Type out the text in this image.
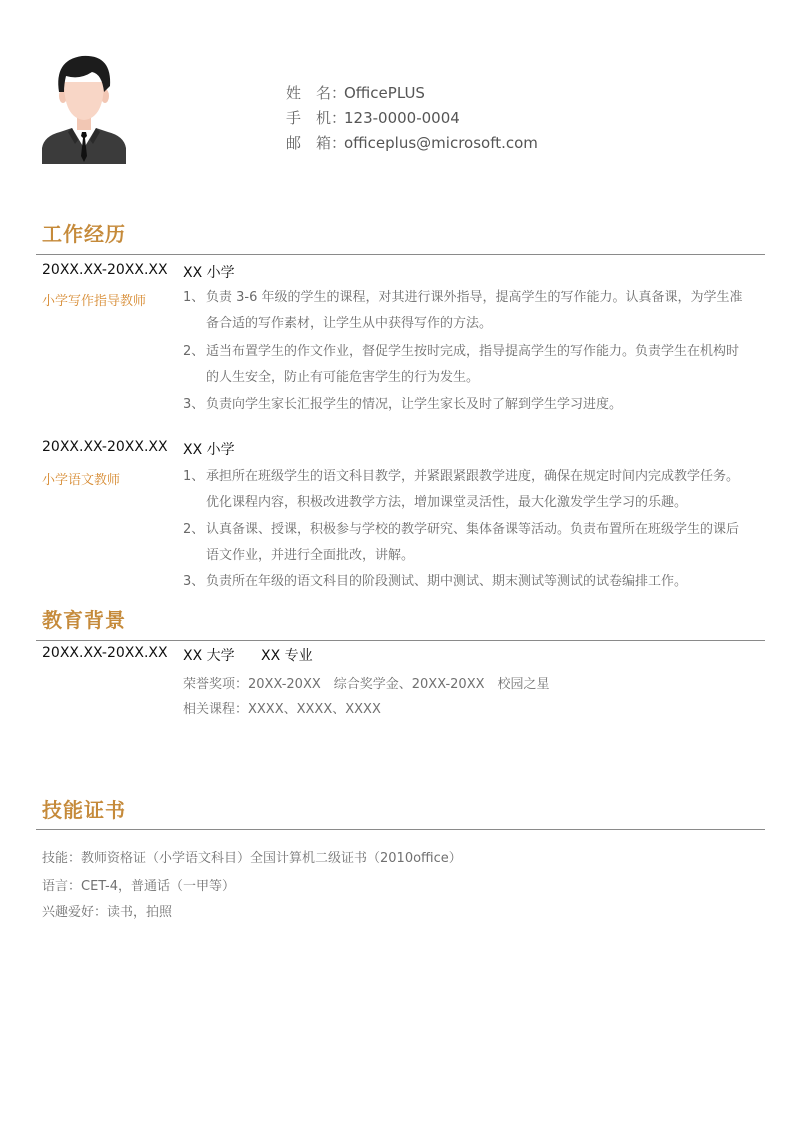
姓　名：OfficePLUS
手　机：123-0000-0004
邮　箱：officeplus@microsoft.com
工作经历
20XX.XX-20XX.XX XX 小学
小学写作指导教师	1、 负责 3-6 年级的学生的课程，对其进行课外指导，提高学生的写作能力。认真备课，为学生准
备合适的写作素材，让学生从中获得写作的方法。
2、 适当布置学生的作文作业，督促学生按时完成，指导提高学生的写作能力。负责学生在机构时
的人生安全，防止有可能危害学生的行为发生。
3、 负责向学生家长汇报学生的情况，让学生家长及时了解到学生学习进度。
20XX.XX-20XX.XX XX 小学
小学语文教师	1、 承担所在班级学生的语文科目教学，并紧跟紧跟教学进度，确保在规定时间内完成教学任务。
优化课程内容，积极改进教学方法，增加课堂灵活性，最大化激发学生学习的乐趣。
2、 认真备课、授课，积极参与学校的教学研究、集体备课等活动。负责布置所在班级学生的课后
语文作业，并进行全面批改，讲解。
3、 负责所在年级的语文科目的阶段测试、期中测试、期末测试等测试的试卷编排工作。
教育背景
20XX.XX-20XX.XX XX 大学 XX 专业
荣誉奖项：20XX-20XX　综合奖学金、20XX-20XX　校园之星
相关课程：XXXX、XXXX、XXXX
技能证书
技能：教师资格证（小学语文科目）全国计算机二级证书（2010office）
语言：CET-4，普通话（一甲等）
兴趣爱好：读书，拍照
